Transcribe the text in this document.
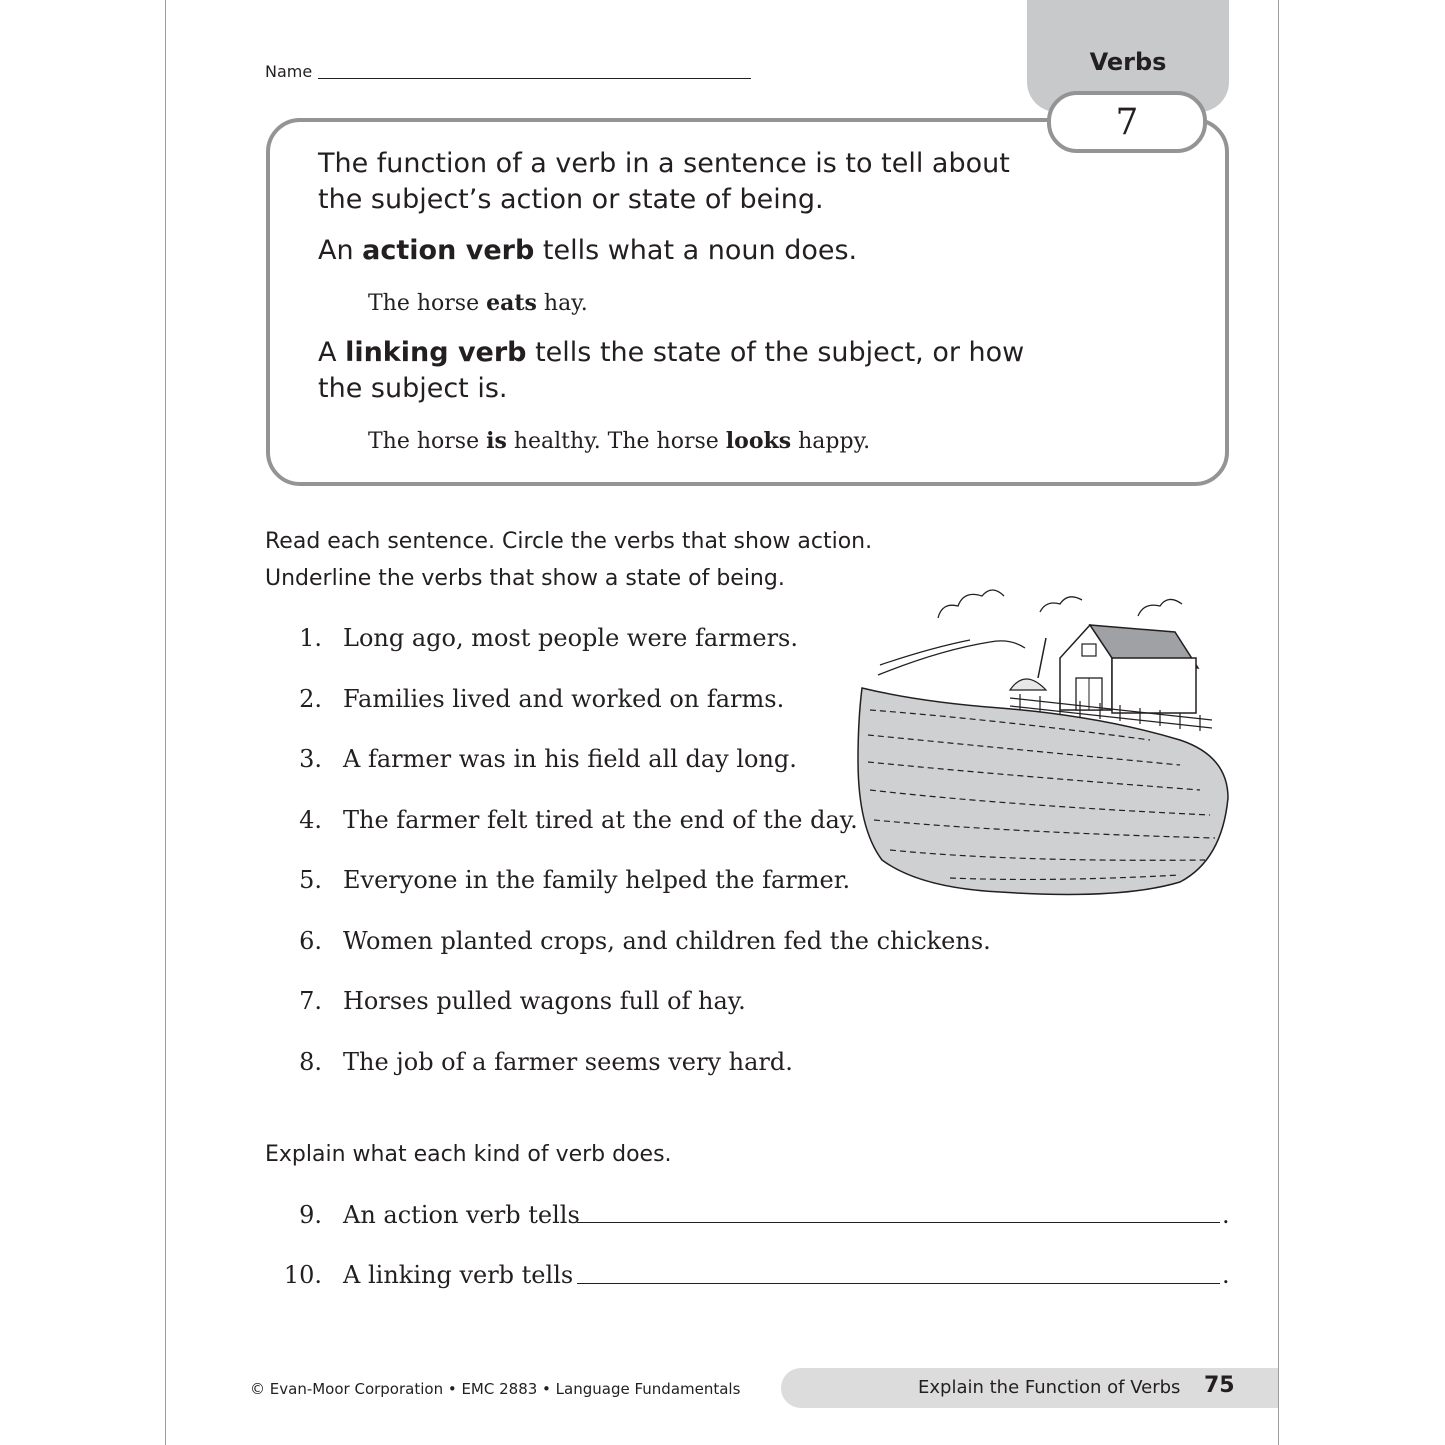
Name	Verbs
7
The function of a verb in a sentence is to tell about the subject’s action or state of being.
An action verb tells what a noun does.
The horse eats hay.
A linking verb tells the state of the subject, or how the subject is.
The horse is healthy. The horse looks happy.
Read each sentence. Circle the verbs that show action.
Underline the verbs that show a state of being.
1. Long ago, most people were farmers.
2. Families lived and worked on farms.
3. A farmer was in his field all day long.
4. The farmer felt tired at the end of the day.
5. Everyone in the family helped the farmer.
6. Women planted crops, and children fed the chickens.
7. Horses pulled wagons full of hay.
8. The job of a farmer seems very hard.
Explain what each kind of verb does.
9. An action verb tells	.
10. A linking verb tells	.
© Evan-Moor Corporation • EMC 2883 • Language Fundamentals	Explain the Function of Verbs 75
